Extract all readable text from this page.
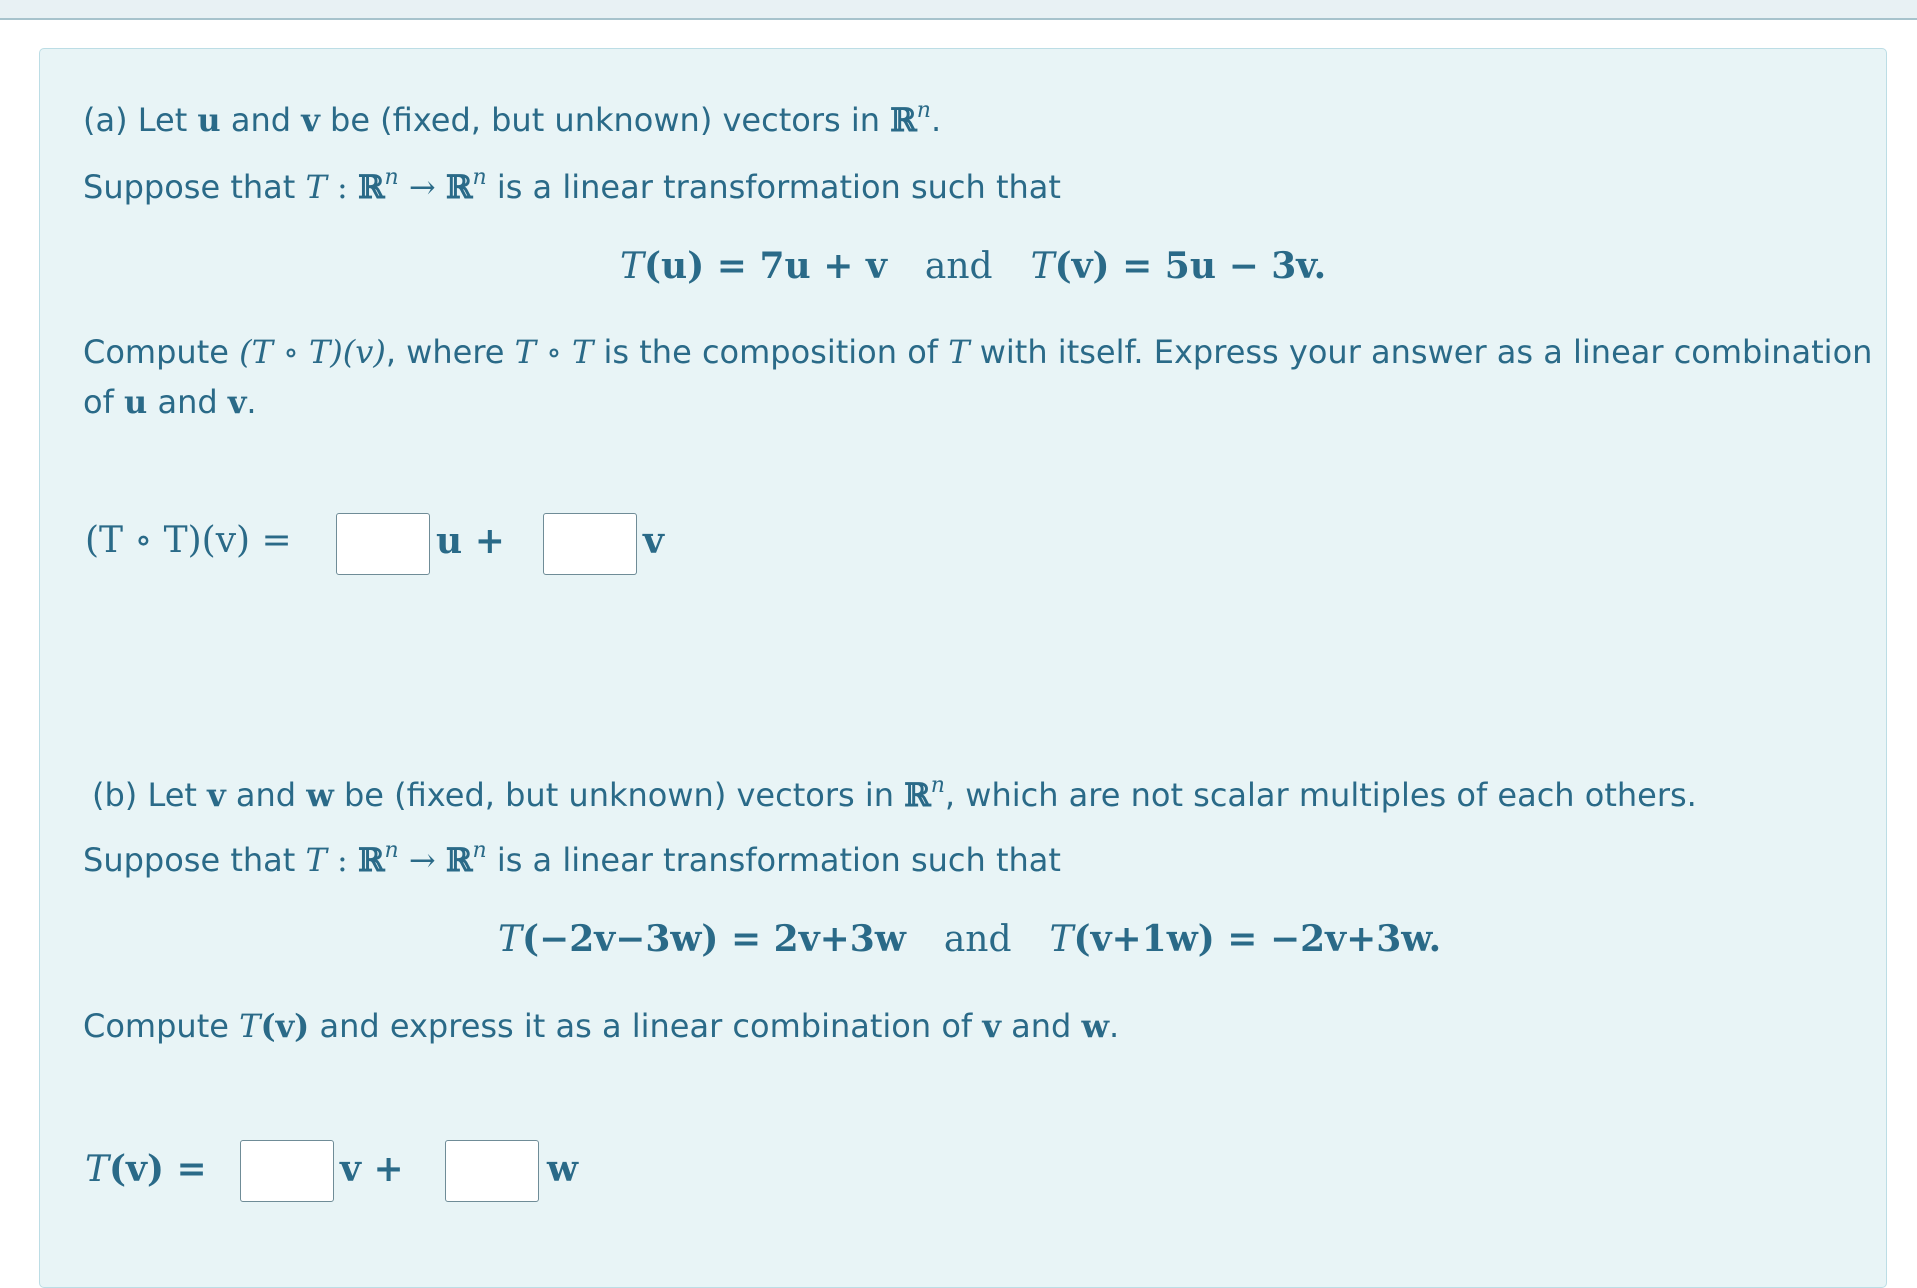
(a) Let u and v be (fixed, but unknown) vectors in ℝ$^n$.
Suppose that T : ℝ$^n$ → ℝ$^n$ is a linear transformation such that
T(u) = 7u + v and T(v) = 5u − 3v.
Compute (T ∘ T)(v), where T ∘ T is the composition of T with itself. Express your answer as a linear combination
of u and v.
(T ∘ T)(v) =	u +	v
(b) Let v and w be (fixed, but unknown) vectors in ℝ$^n$, which are not scalar multiples of each others.
Suppose that T : ℝ$^n$ → ℝ$^n$ is a linear transformation such that
T(−2v−3w) = 2v+3w and T(v+1w) = −2v+3w.
Compute T(v) and express it as a linear combination of v and w.
T(v) =	v +	w
